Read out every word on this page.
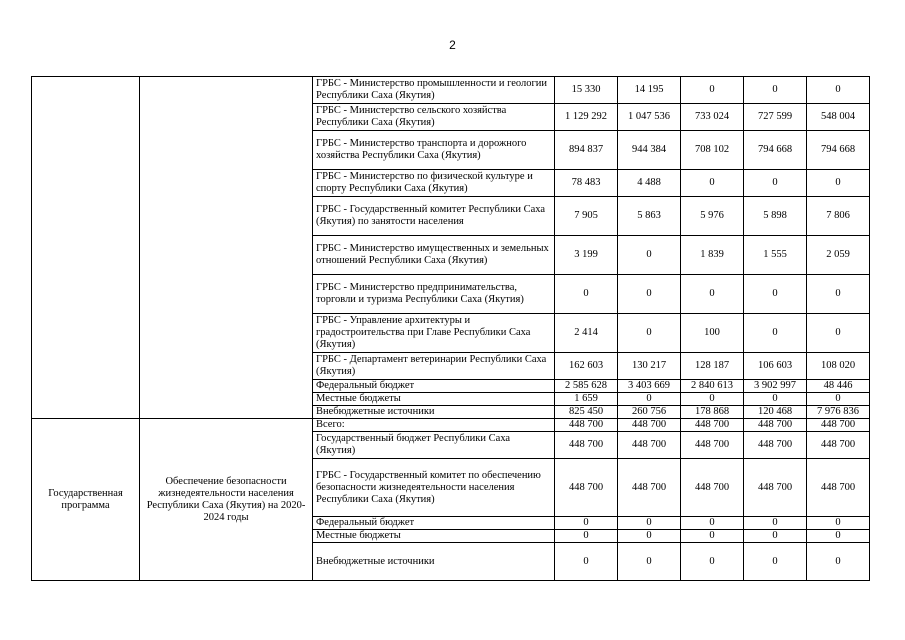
2
		ГРБС - Министерство промышленности и геологии Республики Саха (Якутия)	15 330	14 195	0	0	0
		ГРБС - Министерство сельского хозяйства Республики Саха (Якутия)	1 129 292	1 047 536	733 024	727 599	548 004
		ГРБС - Министерство транспорта и дорожного хозяйства Республики Саха (Якутия)	894 837	944 384	708 102	794 668	794 668
		ГРБС - Министерство по физической культуре и спорту Республики Саха (Якутия)	78 483	4 488	0	0	0
		ГРБС - Государственный комитет Республики Саха (Якутия) по занятости населения	7 905	5 863	5 976	5 898	7 806
		ГРБС - Министерство имущественных и земельных отношений Республики Саха (Якутия)	3 199	0	1 839	1 555	2 059
		ГРБС - Министерство предпринимательства, торговли и туризма Республики Саха (Якутия)	0	0	0	0	0
		ГРБС - Управление архитектуры и градостроительства при Главе Республики Саха (Якутия)	2 414	0	100	0	0
		ГРБС - Департамент ветеринарии Республики Саха (Якутия)	162 603	130 217	128 187	106 603	108 020
		Федеральный бюджет	2 585 628	3 403 669	2 840 613	3 902 997	48 446
		Местные бюджеты	1 659	0	0	0	0
		Внебюджетные источники	825 450	260 756	178 868	120 468	7 976 836
Государственная программа	Обеспечение безопасности жизнедеятельности населения Республики Саха (Якутия) на 2020-2024 годы	Всего:	448 700	448 700	448 700	448 700	448 700
		Государственный бюджет Республики Саха (Якутия)	448 700	448 700	448 700	448 700	448 700
		ГРБС - Государственный комитет по обеспечению безопасности жизнедеятельности населения Республики Саха (Якутия)	448 700	448 700	448 700	448 700	448 700
		Федеральный бюджет	0	0	0	0	0
		Местные бюджеты	0	0	0	0	0
		Внебюджетные источники	0	0	0	0	0
